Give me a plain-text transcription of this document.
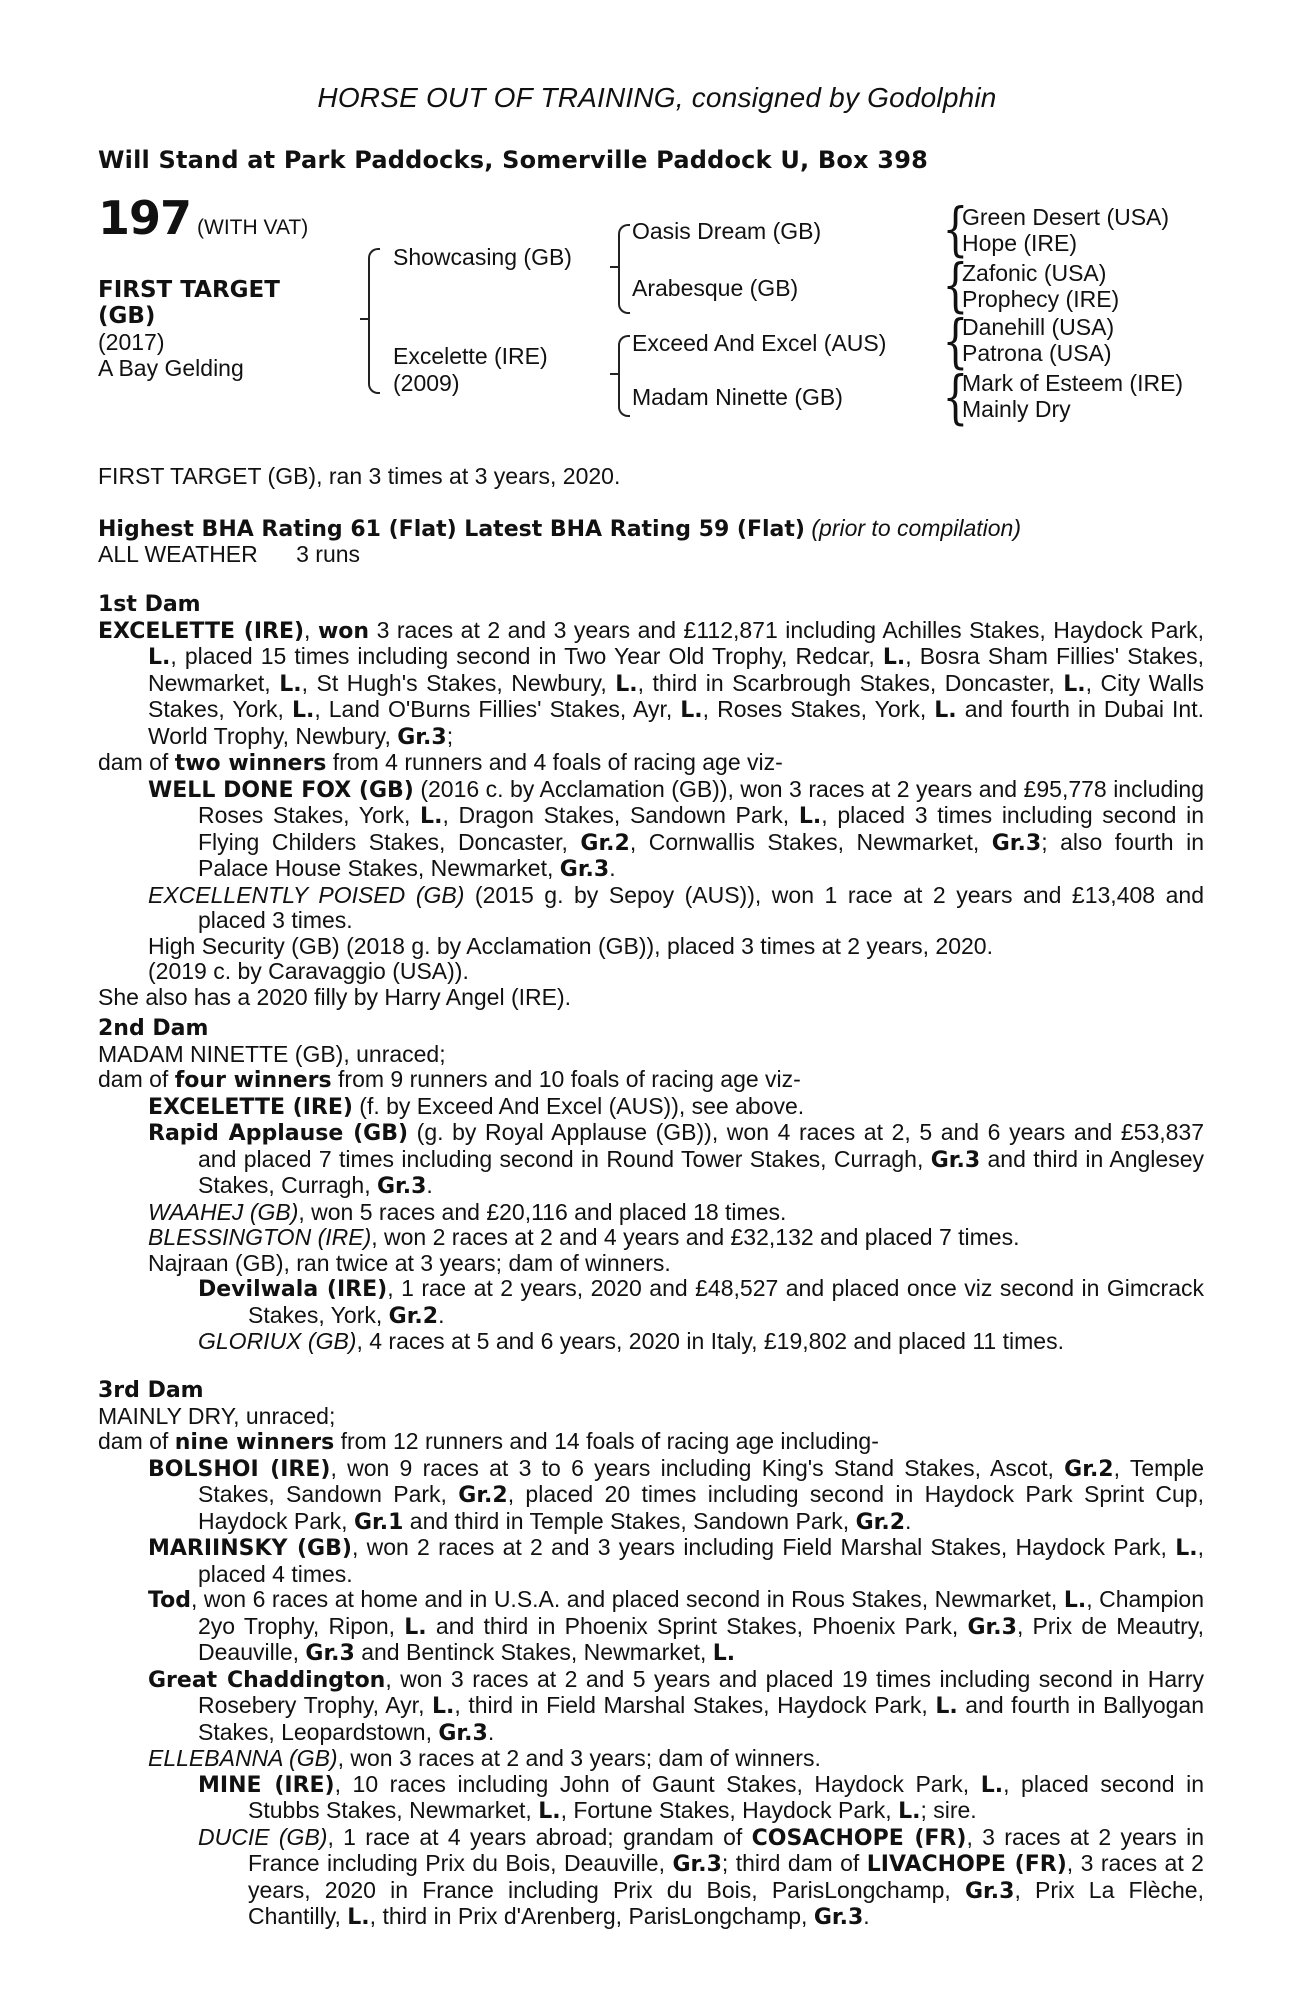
HORSE OUT OF TRAINING, consigned by Godolphin
Will Stand at Park Paddocks, Somerville Paddock U, Box 398
197 (WITH VAT)
FIRST TARGET
(GB)
(2017)
A Bay Gelding
Showcasing (GB)
Excelette (IRE)
(2009)
Oasis Dream (GB)
Arabesque (GB)
Exceed And Excel (AUS)
Madam Ninette (GB)
{
Green Desert (USA)
Hope (IRE)
{
Zafonic (USA)
Prophecy (IRE)
{
Danehill (USA)
Patrona (USA)
{
Mark of Esteem (IRE)
Mainly Dry

FIRST TARGET (GB), ran 3 times at 3 years, 2020.

Highest BHA Rating 61 (Flat) Latest BHA Rating 59 (Flat) (prior to compilation)

ALL WEATHER 3 runs

1st Dam

EXCELETTE (IRE), won 3 races at 2 and 3 years and £112,871 including Achilles Stakes, Haydock Park, L., placed 15 times including second in Two Year Old Trophy, Redcar, L., Bosra Sham Fillies' Stakes, Newmarket, L., St Hugh's Stakes, Newbury, L., third in Scarbrough Stakes, Doncaster, L., City Walls Stakes, York, L., Land O'Burns Fillies' Stakes, Ayr, L., Roses Stakes, York, L. and fourth in Dubai Int. World Trophy, Newbury, Gr.3;

dam of two winners from 4 runners and 4 foals of racing age viz-

WELL DONE FOX (GB) (2016 c. by Acclamation (GB)), won 3 races at 2 years and £95,778 including Roses Stakes, York, L., Dragon Stakes, Sandown Park, L., placed 3 times including second in Flying Childers Stakes, Doncaster, Gr.2, Cornwallis Stakes, Newmarket, Gr.3; also fourth in Palace House Stakes, Newmarket, Gr.3.

EXCELLENTLY POISED (GB) (2015 g. by Sepoy (AUS)), won 1 race at 2 years and £13,408 and placed 3 times.

High Security (GB) (2018 g. by Acclamation (GB)), placed 3 times at 2 years, 2020.

(2019 c. by Caravaggio (USA)).

She also has a 2020 filly by Harry Angel (IRE).

2nd Dam

MADAM NINETTE (GB), unraced;

dam of four winners from 9 runners and 10 foals of racing age viz-

EXCELETTE (IRE) (f. by Exceed And Excel (AUS)), see above.

Rapid Applause (GB) (g. by Royal Applause (GB)), won 4 races at 2, 5 and 6 years and £53,837 and placed 7 times including second in Round Tower Stakes, Curragh, Gr.3 and third in Anglesey Stakes, Curragh, Gr.3.

WAAHEJ (GB), won 5 races and £20,116 and placed 18 times.

BLESSINGTON (IRE), won 2 races at 2 and 4 years and £32,132 and placed 7 times.

Najraan (GB), ran twice at 3 years; dam of winners.

Devilwala (IRE), 1 race at 2 years, 2020 and £48,527 and placed once viz second in Gimcrack Stakes, York, Gr.2.

GLORIUX (GB), 4 races at 5 and 6 years, 2020 in Italy, £19,802 and placed 11 times.

3rd Dam

MAINLY DRY, unraced;

dam of nine winners from 12 runners and 14 foals of racing age including-

BOLSHOI (IRE), won 9 races at 3 to 6 years including King's Stand Stakes, Ascot, Gr.2, Temple Stakes, Sandown Park, Gr.2, placed 20 times including second in Haydock Park Sprint Cup, Haydock Park, Gr.1 and third in Temple Stakes, Sandown Park, Gr.2.

MARIINSKY (GB), won 2 races at 2 and 3 years including Field Marshal Stakes, Haydock Park, L., placed 4 times.

Tod, won 6 races at home and in U.S.A. and placed second in Rous Stakes, Newmarket, L., Champion 2yo Trophy, Ripon, L. and third in Phoenix Sprint Stakes, Phoenix Park, Gr.3, Prix de Meautry, Deauville, Gr.3 and Bentinck Stakes, Newmarket, L.

Great Chaddington, won 3 races at 2 and 5 years and placed 19 times including second in Harry Rosebery Trophy, Ayr, L., third in Field Marshal Stakes, Haydock Park, L. and fourth in Ballyogan Stakes, Leopardstown, Gr.3.

ELLEBANNA (GB), won 3 races at 2 and 3 years; dam of winners.

MINE (IRE), 10 races including John of Gaunt Stakes, Haydock Park, L., placed second in Stubbs Stakes, Newmarket, L., Fortune Stakes, Haydock Park, L.; sire.

DUCIE (GB), 1 race at 4 years abroad; grandam of COSACHOPE (FR), 3 races at 2 years in France including Prix du Bois, Deauville, Gr.3; third dam of LIVACHOPE (FR), 3 races at 2 years, 2020 in France including Prix du Bois, ParisLongchamp, Gr.3, Prix La Flèche, Chantilly, L., third in Prix d'Arenberg, ParisLongchamp, Gr.3.
